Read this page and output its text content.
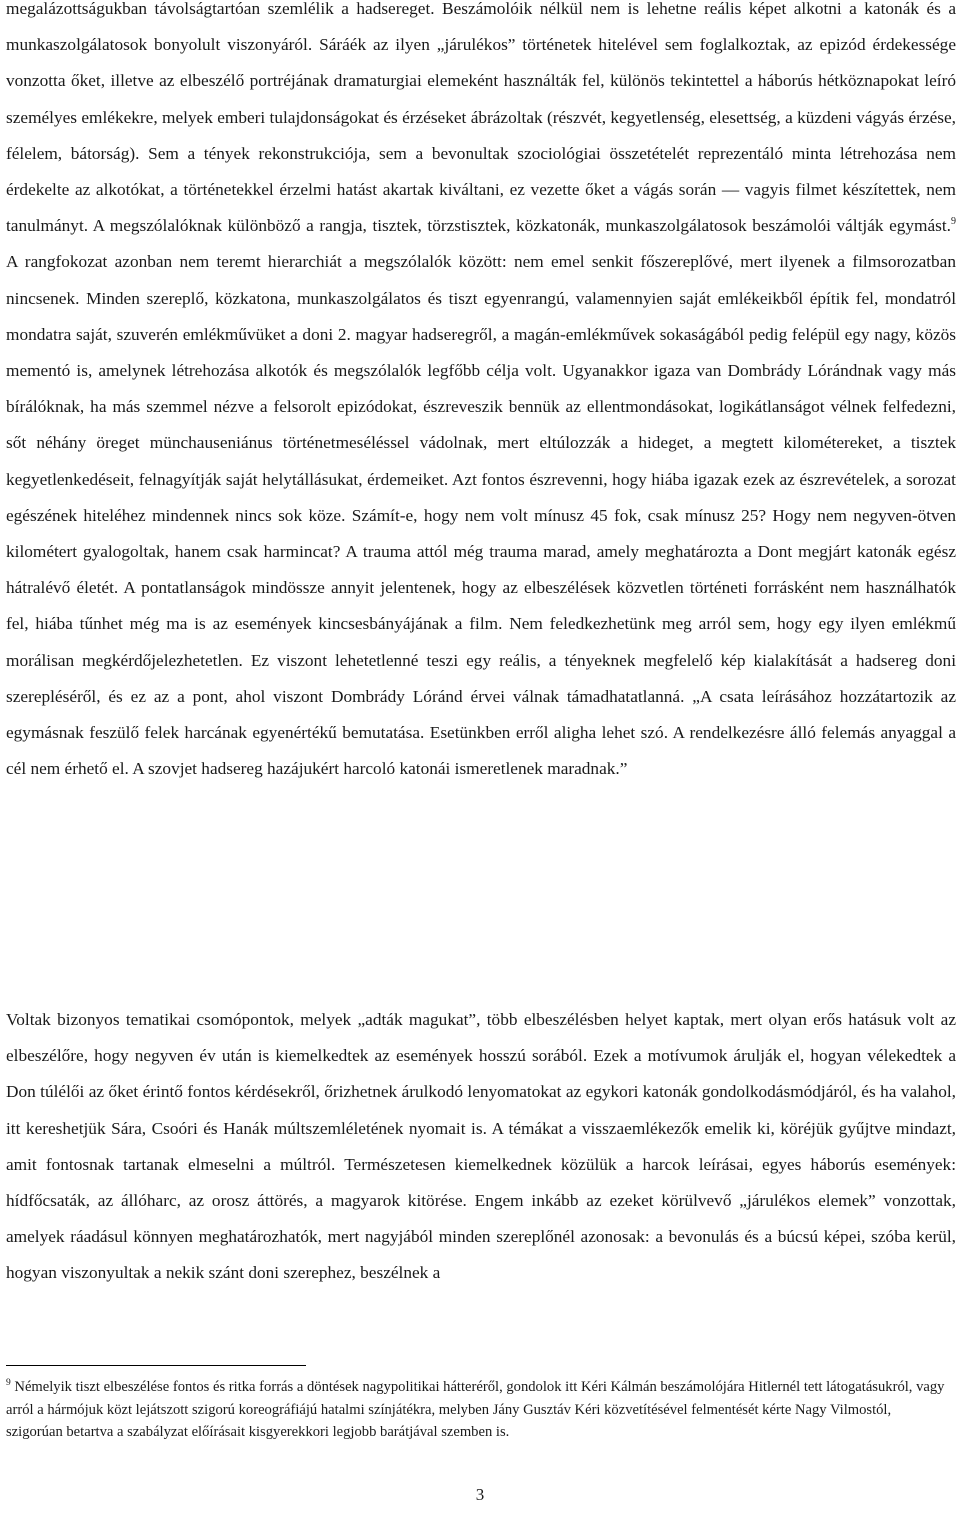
megalázottságukban távolságtartóan szemlélik a hadsereget. Beszámolóik nélkül nem is lehetne reális képet alkotni a katonák és a munkaszolgálatosok bonyolult viszonyáról. Sáráék az ilyen „járulékos” történetek hitelével sem foglalkoztak, az epizód érdekessége vonzotta őket, illetve az elbeszélő portréjának dramaturgiai elemeként használták fel, különös tekintettel a háborús hétköznapokat leíró személyes emlékekre, melyek emberi tulajdonságokat és érzéseket ábrázoltak (részvét, kegyetlenség, elesettség, a küzdeni vágyás érzése, félelem, bátorság). Sem a tények rekonstrukciója, sem a bevonultak szociológiai összetételét reprezentáló minta létrehozása nem érdekelte az alkotókat, a történetekkel érzelmi hatást akartak kiváltani, ez vezette őket a vágás során ― vagyis filmet készítettek, nem tanulmányt. A megszólalóknak különböző a rangja, tisztek, törzstisztek, közkatonák, munkaszolgálatosok beszámolói váltják egymást.$^9$ A rangfokozat azonban nem teremt hierarchiát a megszólalók között: nem emel senkit főszereplővé, mert ilyenek a filmsorozatban nincsenek. Minden szereplő, közkatona, munkaszolgálatos és tiszt egyenrangú, valamennyien saját emlékeikből építik fel, mondatról mondatra saját, szuverén emlékművüket a doni 2. magyar hadseregről, a magán-emlékművek sokaságából pedig felépül egy nagy, közös mementó is, amelynek létrehozása alkotók és megszólalók legfőbb célja volt. Ugyanakkor igaza van Dombrády Lórándnak vagy más bírálóknak, ha más szemmel nézve a felsorolt epizódokat, észreveszik bennük az ellentmondásokat, logikátlanságot vélnek felfedezni, sőt néhány öreget münchauseniánus történetmeséléssel vádolnak, mert eltúlozzák a hideget, a megtett kilométereket, a tisztek kegyetlenkedéseit, felnagyítják saját helytállásukat, érdemeiket. Azt fontos észrevenni, hogy hiába igazak ezek az észrevételek, a sorozat egészének hiteléhez mindennek nincs sok köze. Számít-e, hogy nem volt mínusz 45 fok, csak mínusz 25? Hogy nem negyven-ötven kilométert gyalogoltak, hanem csak harmincat? A trauma attól még trauma marad, amely meghatározta a Dont megjárt katonák egész hátralévő életét. A pontatlanságok mindössze annyit jelentenek, hogy az elbeszélések közvetlen történeti forrásként nem használhatók fel, hiába tűnhet még ma is az események kincsesbányájának a film. Nem feledkezhetünk meg arról sem, hogy egy ilyen emlékmű morálisan megkérdőjelezhetetlen. Ez viszont lehetetlenné teszi egy reális, a tényeknek megfelelő kép kialakítását a hadsereg doni szerepléséről, és ez az a pont, ahol viszont Dombrády Lóránd érvei válnak támadhatatlanná. „A csata leírásához hozzátartozik az egymásnak feszülő felek harcának egyenértékű bemutatása. Esetünkben erről aligha lehet szó. A rendelkezésre álló felemás anyaggal a cél nem érhető el. A szovjet hadsereg hazájukért harcoló katonái ismeretlenek maradnak.”

Voltak bizonyos tematikai csomópontok, melyek „adták magukat”, több elbeszélésben helyet kaptak, mert olyan erős hatásuk volt az elbeszélőre, hogy negyven év után is kiemelkedtek az események hosszú sorából. Ezek a motívumok árulják el, hogyan vélekedtek a Don túlélői az őket érintő fontos kérdésekről, őrizhetnek árulkodó lenyomatokat az egykori katonák gondolkodásmódjáról, és ha valahol, itt kereshetjük Sára, Csoóri és Hanák múltszemléletének nyomait is. A témákat a visszaemlékezők emelik ki, köréjük gyűjtve mindazt, amit fontosnak tartanak elmeselni a múltról. Természetesen kiemelkednek közülük a harcok leírásai, egyes háborús események: hídfőcsaták, az állóharc, az orosz áttörés, a magyarok kitörése. Engem inkább az ezeket körülvevő „járulékos elemek” vonzottak, amelyek ráadásul könnyen meghatározhatók, mert nagyjából minden szereplőnél azonosak: a bevonulás és a búcsú képei, szóba kerül, hogyan viszonyultak a nekik szánt doni szerephez, beszélnek a

$^9$ Némelyik tiszt elbeszélése fontos és ritka forrás a döntések nagypolitikai hátteréről, gondolok itt Kéri Kálmán beszámolójára Hitlernél tett látogatásukról, vagy arról a hármójuk közt lejátszott szigorú koreográfiájú hatalmi színjátékra, melyben Jány Gusztáv Kéri közvetítésével felmentését kérte Nagy Vilmostól, szigorúan betartva a szabályzat előírásait kisgyerekkori legjobb barátjával szemben is.

3
